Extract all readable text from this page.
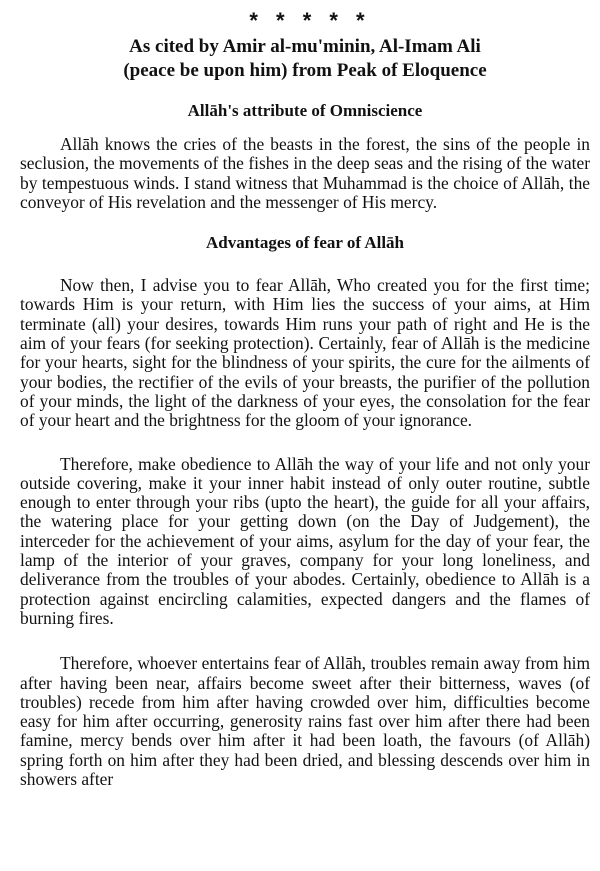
* * * * *
As cited by Amir al-mu'minin, Al-Imam Ali
(peace be upon him) from Peak of Eloquence
Allāh's attribute of Omniscience

Allāh knows the cries of the beasts in the forest, the sins of the people in seclusion, the movements of the fishes in the deep seas and the rising of the water by tempestuous winds. I stand witness that Muhammad is the choice of Allāh, the conveyor of His revelation and the messenger of His mercy.

Advantages of fear of Allāh

Now then, I advise you to fear Allāh, Who created you for the first time; towards Him is your return, with Him lies the success of your aims, at Him terminate (all) your desires, towards Him runs your path of right and He is the aim of your fears (for seeking protection). Certainly, fear of Allāh is the medicine for your hearts, sight for the blindness of your spirits, the cure for the ailments of your bodies, the rectifier of the evils of your breasts, the purifier of the pollution of your minds, the light of the darkness of your eyes, the consolation for the fear of your heart and the brightness for the gloom of your ignorance.

Therefore, make obedience to Allāh the way of your life and not only your outside covering, make it your inner habit instead of only outer routine, subtle enough to enter through your ribs (upto the heart), the guide for all your affairs, the watering place for your getting down (on the Day of Judgement), the interceder for the achievement of your aims, asylum for the day of your fear, the lamp of the interior of your graves, company for your long loneliness, and deliverance from the troubles of your abodes. Certainly, obedience to Allāh is a protection against encircling calamities, expected dangers and the flames of burning fires.

Therefore, whoever entertains fear of Allāh, troubles remain away from him after having been near, affairs become sweet after their bitterness, waves (of troubles) recede from him after having crowded over him, difficulties become easy for him after occurring, generosity rains fast over him after there had been famine, mercy bends over him after it had been loath, the favours (of Allāh) spring forth on him after they had been dried, and blessing descends over him in showers after
